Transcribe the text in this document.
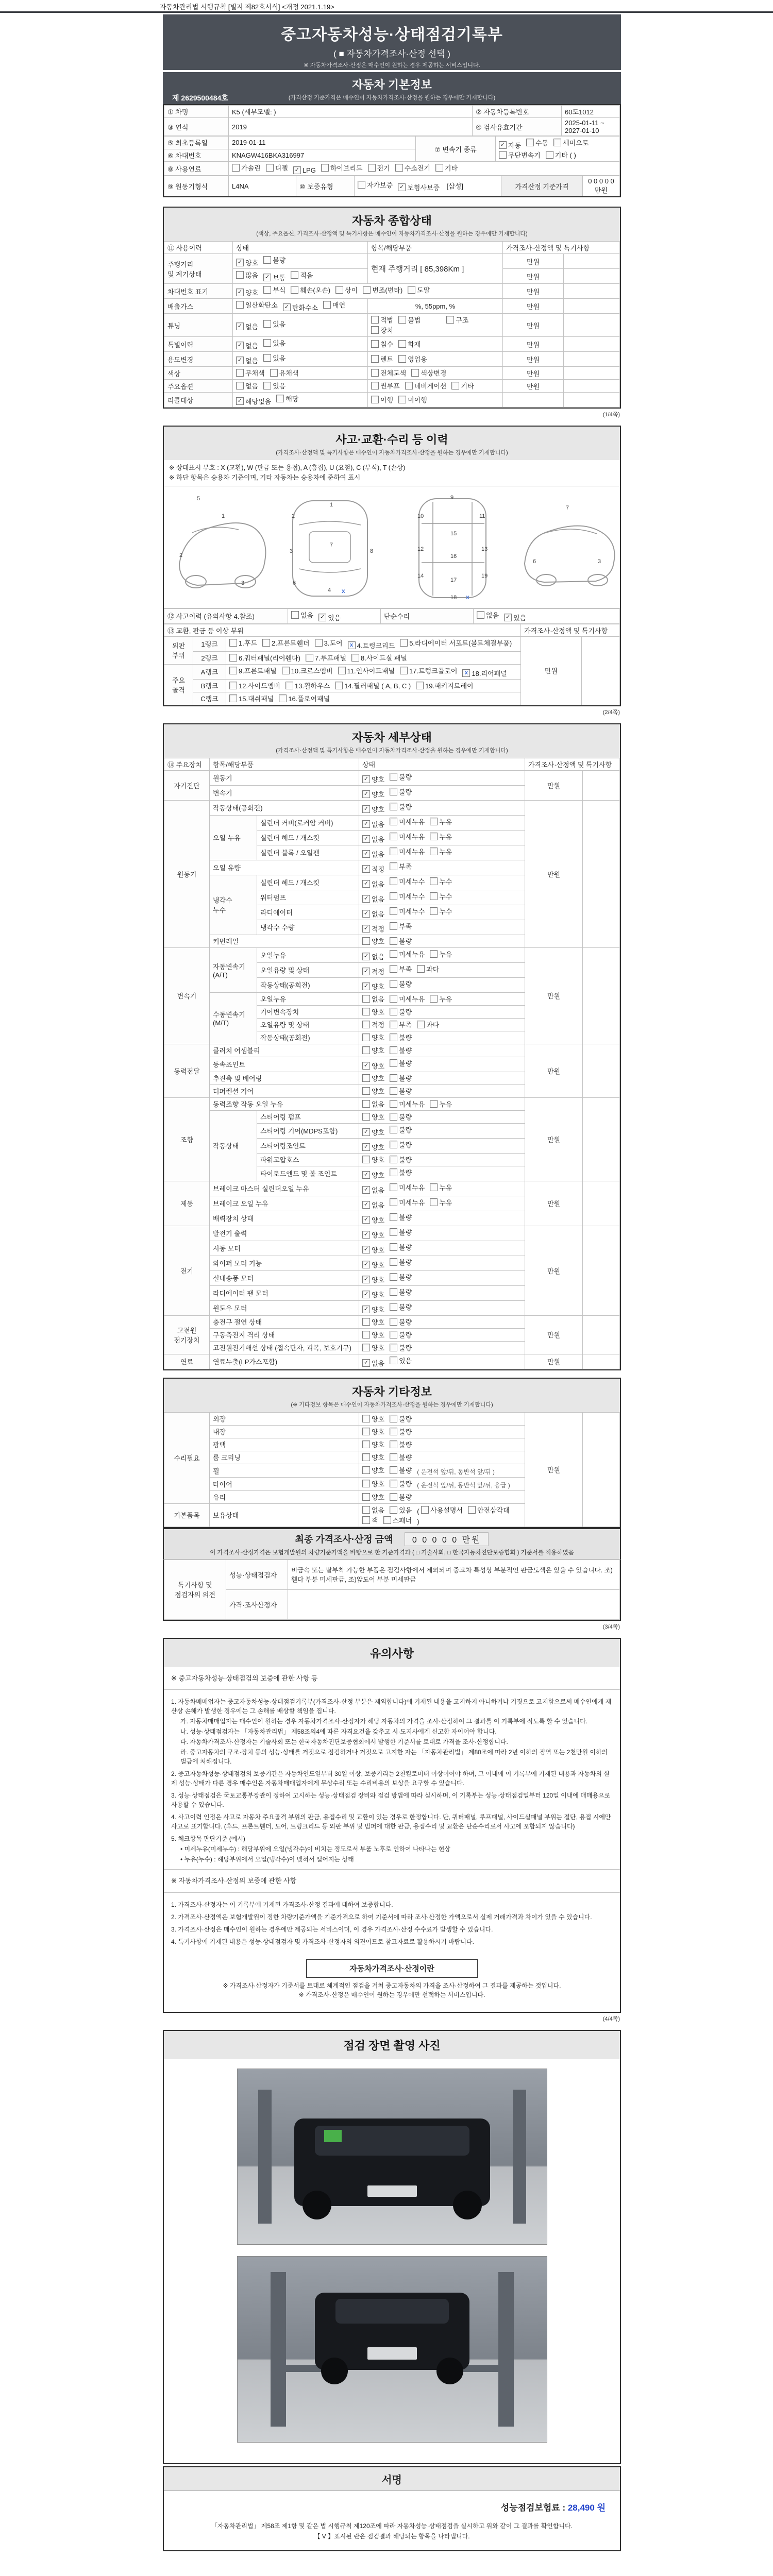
자동차관리법 시행규칙 [별지 제82호서식] <개정 2021.1.19>
중고자동차성능·상태점검기록부
( ■ 자동차가격조사·산정 선택 )
※ 자동차가격조사·산정은 매수인이 원하는 경우 제공하는 서비스입니다.
제 2629500484호
자동차 기본정보
(가격산정 기준가격은 매수인이 자동차가격조사·산정을 원하는 경우에만 기재합니다)
① 차명	K5 (세부모델: )	② 자동차등록번호	60도1012
③ 연식	2019	④ 검사유효기간	2025-01-11 ~ 2027-01-10
⑤ 최초등록일	2019-01-11	⑦ 변속기 종류	
✓ 자동 수동 세미오토
무단변속기 기타 ( )

⑥ 차대번호	KNAGW416BKA316997		
⑧ 사용연료	가솔린 디젤 ✓ LPG 하이브리드 전기 수소전기 기타
⑨ 원동기형식	L4NA	⑩ 보증유형	자가보증 ✓ 보험사보증 [삼성]	가격산정 기준가격	0 0 0 0 0 만원
자동차 종합상태
(색상, 주요옵션, 가격조사·산정액 및 특기사항은 매수인이 자동차가격조사·산정을 원하는 경우에만 기재합니다)
⑪ 사용이력	상태	항목/해당부품	가격조사·산정액 및 특기사항	
주행거리
및 계기상태	✓ 양호 불량	현재 주행거리 [ 85,398Km ]	만원	

	많음 ✓ 보통 적음		만원	
차대번호 표기	✓ 양호 부식 훼손(오손) 상이 변조(변타) 도말	만원	
배출가스	일산화탄소 ✓ 탄화수소 매연	%, 55ppm, %	만원	
튜닝	✓ 없음 있음	적법 불법 구조
장치	만원	
특별이력	✓ 없음 있음	침수 화재	만원	
용도변경	✓ 없음 있음	렌트 영업용	만원	
색상	무채색 유채색	전체도색 색상변경	만원	
주요옵션	없음 있음	썬루프 네비게이션 기타	만원	
리콜대상	✓ 해당없음 해당	이행 미이행		

(1/4쪽)
사고·교환·수리 등 이력
(가격조사·산정액 및 특기사항은 매수인이 자동차가격조사·산정을 원하는 경우에만 기재합니다)
※ 상태표시 부호 : X (교환), W (판금 또는 용접), A (흠집), U (요철), C (부식), T (손상)
※ 하단 항목은 승용차 기준이며, 기타 자동차는 승용차에 준하여 표시
5
1
2
3
1
2
7
3
6
4
8
9
10	11
15
12	13
16
14	19
17
18
6	3
7
x
x
⑫ 사고이력 (유의사항 4.참조)	없음 ✓ 있음	단순수리	없음 ✓ 있음
⑬ 교환, 판금 등 이상 부위			가격조사·산정액 및 특기사항	
외판
부위	1랭크	1.후드 2.프론트휀더 3.도어	x 4.트렁크리드 5.라디에이터 서포트(볼트체결부품)
	만원	
	2랭크	6.쿼터패널(리어휀다) 7.루프패널 8.사이드실 패널		

주요
골격	A랭크	9.프론트패널 10.크로스멤버 11.인사이드패널 17.트렁크플로어	x 18.리어패널

	B랭크	12.사이드멤버 13.휠하우스 14.필러패널 ( A, B, C ) 19.패키지트레이		

	C랭크	15.대쉬패널 16.플로어패널		
(2/4쪽)
자동차 세부상태
(가격조사·산정액 및 특기사항은 매수인이 자동차가격조사·산정을 원하는 경우에만 기재합니다)
⑭ 주요장치	항목/해당부품		상태	가격조사·산정액 및 특기사항	
자기진단	원동기		✓ 양호 불량	만원	
	변속기		✓ 양호 불량		

원동기	작동상태(공회전)		✓ 양호 불량	만원	
	오일 누유	실린더 커버(로커암 커버)	✓ 없음 미세누유 누유		

		실린더 헤드 / 개스킷	✓ 없음 미세누유 누유		

		실린더 블록 / 오일팬	✓ 없음 미세누유 누유		

	오일 유량		✓ 적정 부족		

	냉각수
누수	실린더 헤드 / 개스킷	✓ 없음 미세누수 누수		

		워터펌프	✓ 없음 미세누수 누수		

		라디에이터	✓ 없음 미세누수 누수		

		냉각수 수량	✓ 적정 부족		

	커먼레일		양호 불량		

변속기	자동변속기
(A/T)	오일누유	✓ 없음 미세누유 누유	만원	
		오일유량 및 상태	✓ 적정 부족 과다		

		작동상태(공회전)	✓ 양호 불량		

	수동변속기
(M/T)	오일누유	없음 미세누유 누유		

		기어변속장치	양호 불량		

		오일유량 및 상태	적정 부족 과다		

		작동상태(공회전)	양호 불량		

동력전달	클러치 어셈블리		양호 불량	만원	
	등속죠인트		✓ 양호 불량		

	추진축 및 베어링		양호 불량		

	디퍼렌셜 기어		양호 불량		

조향	동력조향 작동 오일 누유		없음 미세누유 누유	만원	
	작동상태	스티어링 펌프	양호 불량		

		스티어링 기어(MDPS포함)	✓ 양호 불량		

		스티어링조인트	✓ 양호 불량		

		파워고압호스	양호 불량		

		타이로드엔드 및 볼 조인트	✓ 양호 불량		

제동	브레이크 마스터 실린더오일 누유		✓ 없음 미세누유 누유	만원	
	브레이크 오일 누유		✓ 없음 미세누유 누유		

	배력장치 상태		✓ 양호 불량		

전기	발전기 출력		✓ 양호 불량	만원	
	시동 모터		✓ 양호 불량		

	와이퍼 모터 기능		✓ 양호 불량		

	실내송풍 모터		✓ 양호 불량		

	라디에이터 팬 모터		✓ 양호 불량		

	윈도우 모터		✓ 양호 불량		

고전원
전기장치	충전구 절연 상태		양호 불량	만원	
	구동축전지 격리 상태		양호 불량		

	고전원전기배선 상태 (접속단자, 피복, 보호기구)		양호 불량		

연료	연료누출(LP가스포함)		✓ 없음 있음	만원	
자동차 기타정보
(※ 기타정보 항목은 매수인이 자동차가격조사·산정을 원하는 경우에만 기재합니다)
수리필요	외장	양호 불량	만원	
	내장	양호 불량		

	광택	양호 불량		

	룸 크리닝	양호 불량		

	휠	양호 불량 ( 운전석 앞/뒤, 동반석 앞/뒤 )		
	타이어	양호 불량 ( 운전석 앞/뒤, 동반석 앞/뒤, 응급 )		
	유리	양호 불량		

기본품목	보유상태	
없음 있음 ( 사용설명서 안전삼각대
잭 스패너 )
최종 가격조사·산정 금액 0 0 0 0 0 만원
이 가격조사·산정가격은 보험개발원의 차량기준가액을 바탕으로 한 기준가격과 ( □ 기술사회, □ 한국자동차진단보증협회 ) 기준서를 적용하였음
특기사항 및
점검자의 의견	성능·상태점검자	비금속 또는 탈부착 가능한 부품은 점검사항에서 제외되며 중고차 특성상 부분적인 판금도색은 있을 수 있습니다. 조)휀다 부분 미세판금, 조)앞도어 부분 미세판금
	가격·조사산정자	
(3/4쪽)
유의사항
※ 중고자동차성능·상태점검의 보증에 관한 사항 등
1. 자동차매매업자는 중고자동차성능·상태점검기록부(가격조사·산정 부분은 제외합니다)에 기재된 내용을 고지하지 아니하거나 거짓으로 고지함으로써 매수인에게 재산상 손해가 발생한 경우에는 그 손해를 배상할 책임을 집니다.
가. 자동차매매업자는 매수인이 원하는 경우 자동차가격조사·산정자가 해당 자동차의 가격을 조사·산정하여 그 결과를 이 기록부에 적도록 할 수 있습니다.
나. 성능·상태점검자는 「자동차관리법」 제58조의4에 따른 자격요건을 갖추고 시·도지사에게 신고한 자이어야 합니다.
다. 자동차가격조사·산정자는 기술사회 또는 한국자동차진단보증협회에서 발행한 기준서를 토대로 가격을 조사·산정합니다.
라. 중고자동차의 구조·장치 등의 성능·상태를 거짓으로 점검하거나 거짓으로 고지한 자는 「자동차관리법」 제80조에 따라 2년 이하의 징역 또는 2천만원 이하의 벌금에 처해집니다.
2. 중고자동차성능·상태점검의 보증기간은 자동차인도일부터 30일 이상, 보증거리는 2천킬로미터 이상이어야 하며, 그 이내에 이 기록부에 기재된 내용과 자동차의 실제 성능·상태가 다른 경우 매수인은 자동차매매업자에게 무상수리 또는 수리비용의 보상을 요구할 수 있습니다.
3. 성능·상태점검은 국토교통부장관이 정하여 고시하는 성능·상태점검 장비와 점검 방법에 따라 실시하며, 이 기록부는 성능·상태점검일부터 120일 이내에 매매용으로 사용할 수 있습니다.
4. 사고이력 인정은 사고로 자동차 주요골격 부위의 판금, 용접수리 및 교환이 있는 경우로 한정합니다. 단, 쿼터패널, 루프패널, 사이드실패널 부위는 절단, 용접 시에만 사고로 표기합니다. (후드, 프론트휀더, 도어, 트렁크리드 등 외판 부위 및 범퍼에 대한 판금, 용접수리 및 교환은 단순수리로서 사고에 포함되지 않습니다)
5. 체크항목 판단기준 (예시)
• 미세누유(미세누수) : 해당부위에 오일(냉각수)이 비치는 정도로서 부품 노후로 인하여 나타나는 현상
• 누유(누수) : 해당부위에서 오일(냉각수)이 맺혀서 떨어지는 상태
※ 자동차가격조사·산정의 보증에 관한 사항
1. 가격조사·산정자는 이 기록부에 기재된 가격조사·산정 결과에 대하여 보증합니다.
2. 가격조사·산정액은 보험개발원이 정한 차량기준가액을 기준가격으로 하여 기준서에 따라 조사·산정한 가액으로서 실제 거래가격과 차이가 있을 수 있습니다.
3. 가격조사·산정은 매수인이 원하는 경우에만 제공되는 서비스이며, 이 경우 가격조사·산정 수수료가 발생할 수 있습니다.
4. 특기사항에 기재된 내용은 성능·상태점검자 및 가격조사·산정자의 의견이므로 참고자료로 활용하시기 바랍니다.
자동차가격조사·산정이란
※ 가격조사·산정자가 기준서를 토대로 체계적인 점검을 거쳐 중고자동차의 가격을 조사·산정하여 그 결과를 제공하는 것입니다.
※ 가격조사·산정은 매수인이 원하는 경우에만 선택하는 서비스입니다.
(4/4쪽)
점검 장면 촬영 사진
서명
성능점검보험료 : 28,490 원
「자동차관리법」 제58조 제1항 및 같은 법 시행규칙 제120조에 따라 자동차성능·상태점검을 실시하고 위와 같이 그 결과를 확인합니다.
【 V 】표시된 란은 점검결과 해당되는 항목을 나타냅니다.
